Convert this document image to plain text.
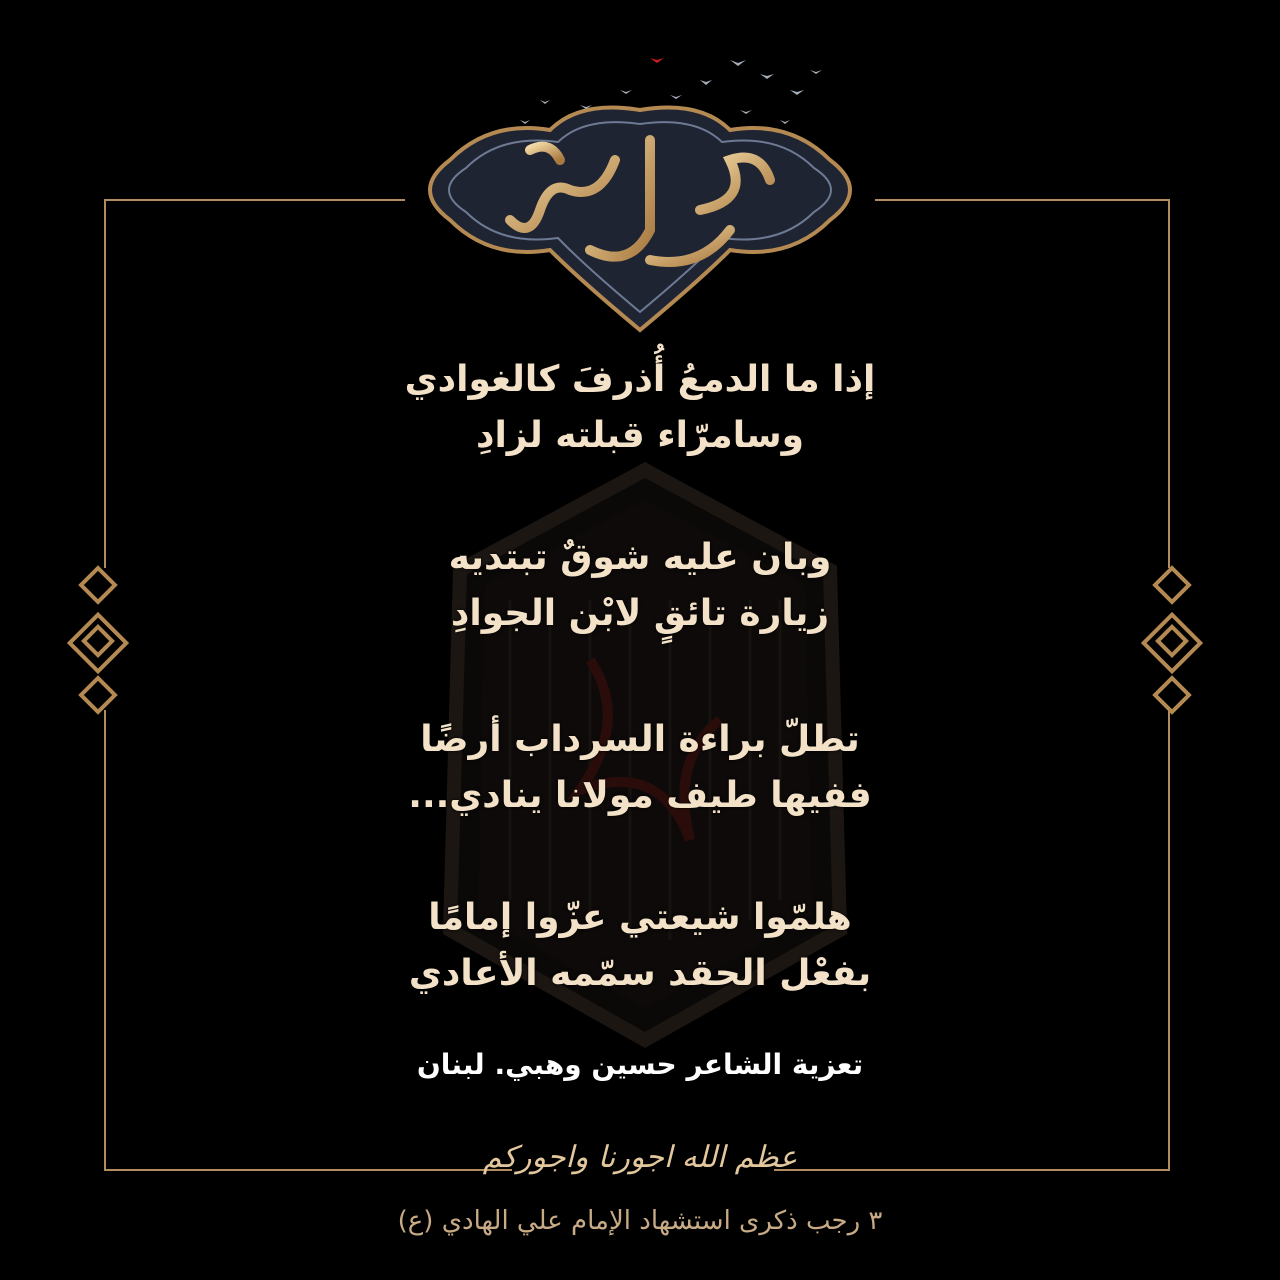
إذا ما الدمعُ أُذرفَ كالغوادي
وسامرّاء قبلته لزادِ
وبان عليه شوقٌ تبتديه
زيارة تائقٍ لابْن الجوادِ
تطلّ براءة السرداب أرضًا
ففيها طيف مولانا ينادي...
هلمّوا شيعتي عزّوا إمامًا
بفعْل الحقد سمّمه الأعادي
تعزية الشاعر حسين وهبي. لبنان
عظم الله اجورنا واجوركم
٣ رجب ذكرى استشهاد الإمام علي الهادي (ع)
